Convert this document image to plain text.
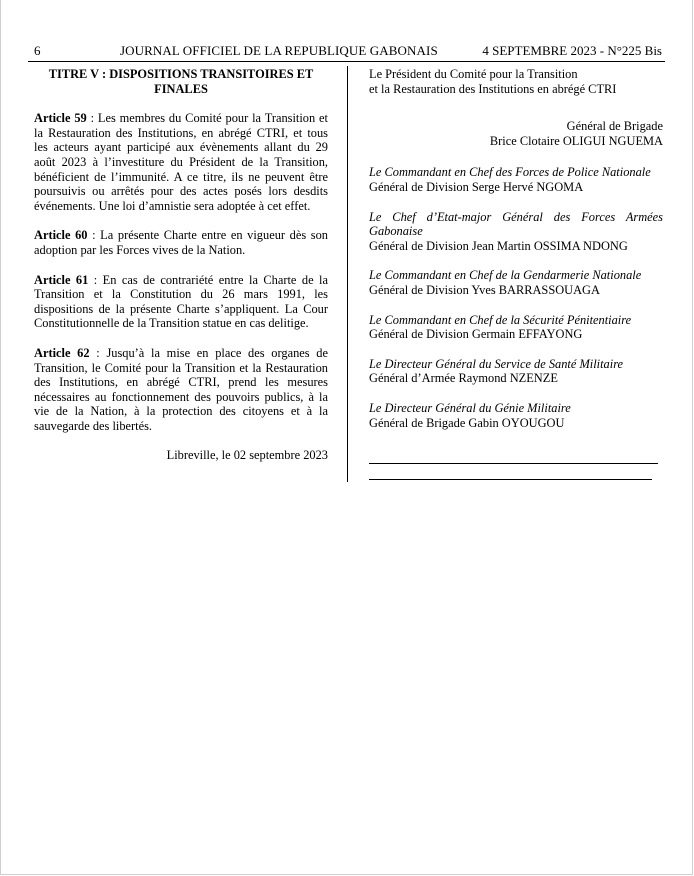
6	JOURNAL OFFICIEL DE LA REPUBLIQUE GABONAIS	4 SEPTEMBRE 2023 - N°225 Bis

TITRE V : DISPOSITIONS TRANSITOIRES ET
FINALES

Article 59 : Les membres du Comité pour la Transition et la Restauration des Institutions, en abrégé CTRI, et tous les acteurs ayant participé aux évènements allant du 29 août 2023 à l’investiture du Président de la Transition, bénéficient de l’immunité. A ce titre, ils ne peuvent être poursuivis ou arrêtés pour des actes posés lors desdits événements. Une loi d’amnistie sera adoptée à cet effet.

Article 60 : La présente Charte entre en vigueur dès son adoption par les Forces vives de la Nation.

Article 61 : En cas de contrariété entre la Charte de la Transition et la Constitution du 26 mars 1991, les dispositions de la présente Charte s’appliquent. La Cour Constitutionnelle de la Transition statue en cas delitige.

Article 62 : Jusqu’à la mise en place des organes de Transition, le Comité pour la Transition et la Restauration des Institutions, en abrégé CTRI, prend les mesures nécessaires au fonctionnement des pouvoirs publics, à la vie de la Nation, à la protection des citoyens et à la sauvegarde des libertés.

Libreville, le 02 septembre 2023

Le Président du Comité pour la Transition
et la Restauration des Institutions en abrégé CTRI
Général de Brigade
Brice Clotaire OLIGUI NGUEMA
Le Commandant en Chef des Forces de Police Nationale
Général de Division Serge Hervé NGOMA
Le Chef d’Etat-major Général des Forces Armées Gabonaise
Général de Division Jean Martin OSSIMA NDONG
Le Commandant en Chef de la Gendarmerie Nationale
Général de Division Yves BARRASSOUAGA
Le Commandant en Chef de la Sécurité Pénitentiaire
Général de Division Germain EFFAYONG
Le Directeur Général du Service de Santé Militaire
Général d’Armée Raymond NZENZE
Le Directeur Général du Génie Militaire
Général de Brigade Gabin OYOUGOU
